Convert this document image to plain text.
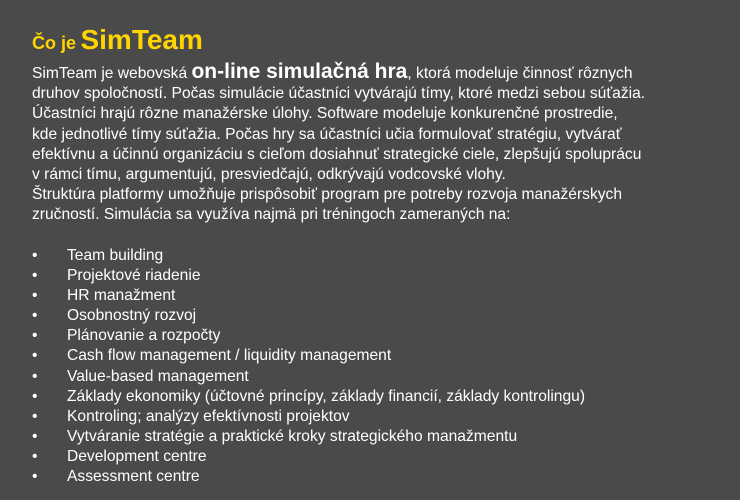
Čo je SimTeam
SimTeam je webovská on-line simulačná hra, ktorá modeluje činnosť rôznych
druhov spoločností. Počas simulácie účastníci vytvárajú tímy, ktoré medzi sebou súťažia.
Účastníci hrajú rôzne manažérske úlohy. Software modeluje konkurenčné prostredie,
kde jednotlivé tímy súťažia. Počas hry sa účastníci učia formulovať stratégiu, vytvárať
efektívnu a účinnú organizáciu s cieľom dosiahnuť strategické ciele, zlepšujú spoluprácu
v rámci tímu, argumentujú, presviedčajú, odkrývajú vodcovské vlohy.
Štruktúra platformy umožňuje prispôsobiť program pre potreby rozvoja manažérskych
zručností. Simulácia sa využíva najmä pri tréningoch zameraných na:
• Team building
• Projektové riadenie
• HR manažment
• Osobnostný rozvoj
• Plánovanie a rozpočty
• Cash flow management / liquidity management
• Value-based management
• Základy ekonomiky (účtovné princípy, základy financií, základy kontrolingu)
• Kontroling; analýzy efektívnosti projektov
• Vytváranie stratégie a praktické kroky strategického manažmentu
• Development centre
• Assessment centre
